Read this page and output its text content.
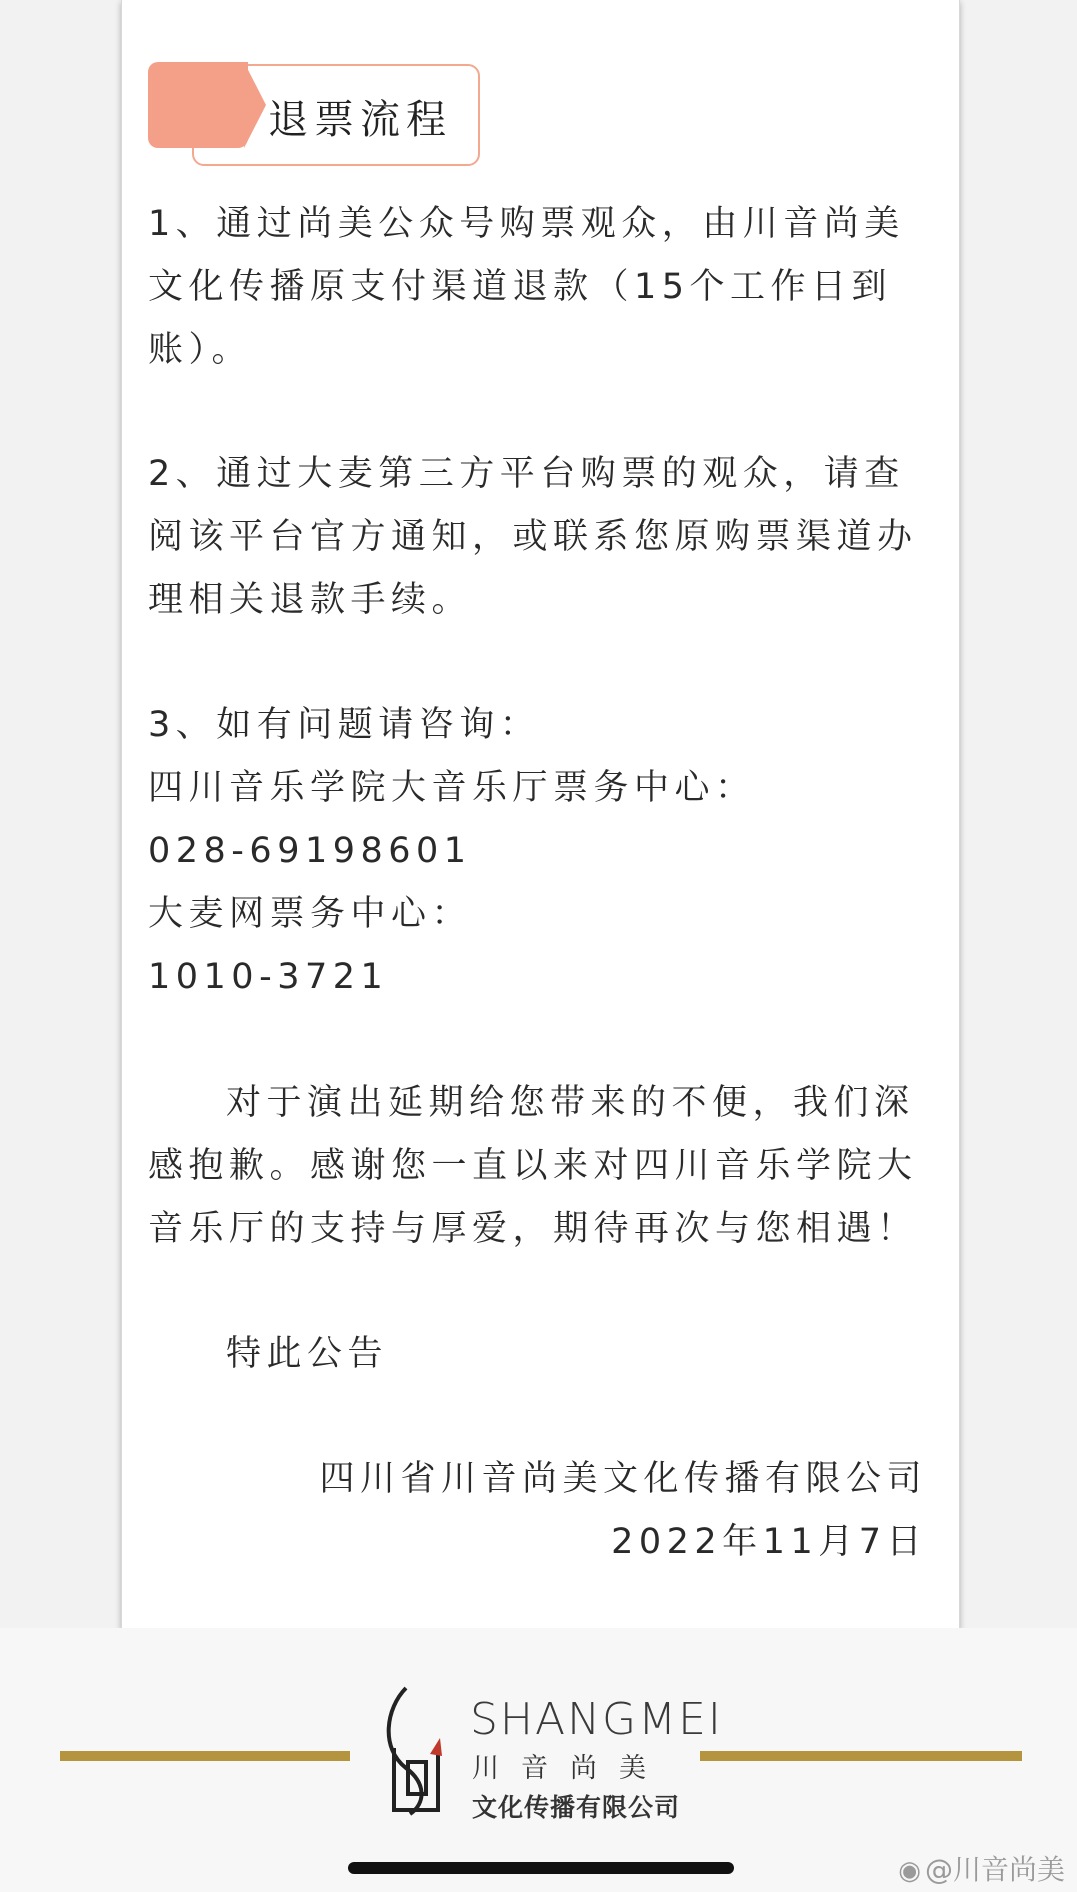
退票流程

1、通过尚美公众号购票观众，由川音尚美文化传播原支付渠道退款（15个工作日到账）。

2、通过大麦第三方平台购票的观众，请查阅该平台官方通知，或联系您原购票渠道办理相关退款手续。

3、如有问题请咨询：

四川音乐学院大音乐厅票务中心：

028-69198601

大麦网票务中心：

1010-3721

对于演出延期给您带来的不便，我们深感抱歉。感谢您一直以来对四川音乐学院大音乐厅的支持与厚爱，期待再次与您相遇！

特此公告

四川省川音尚美文化传播有限公司
2022年11月7日
SHANGMEI
川音尚美
文化传播有限公司
◉ @川音尚美
